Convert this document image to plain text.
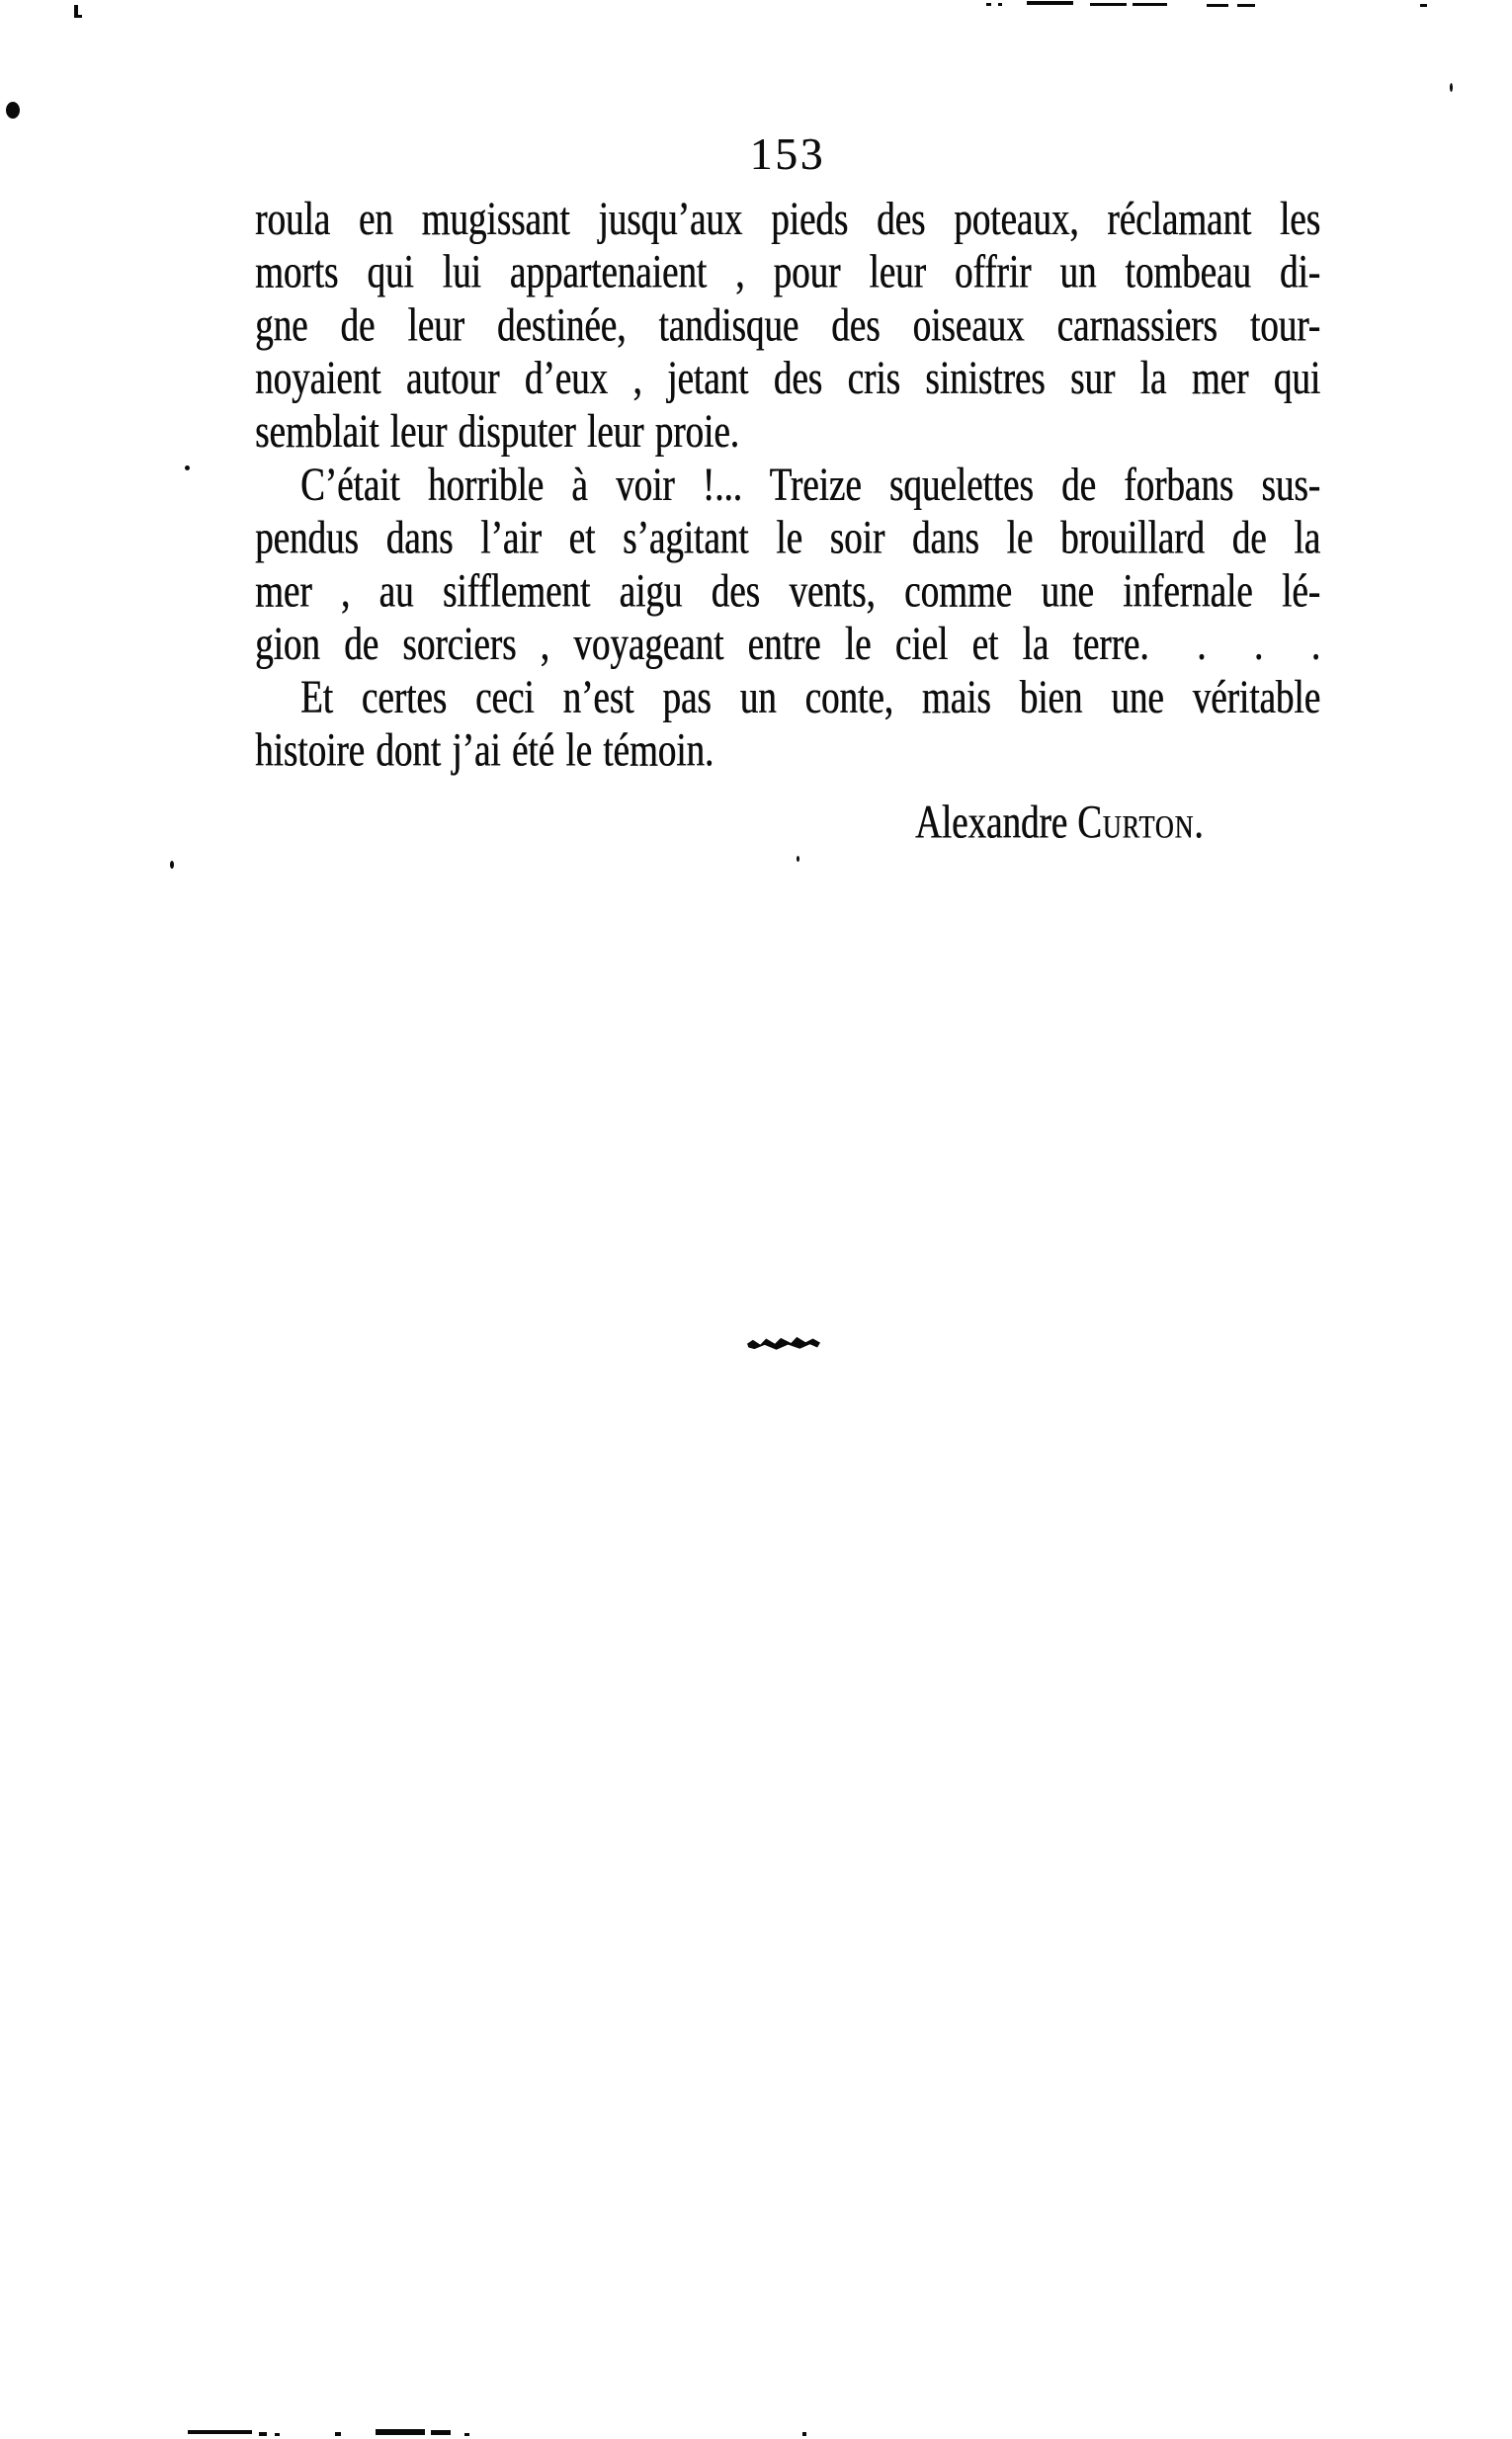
153
roula en mugissant jusqu’aux pieds des poteaux, réclamant les
morts qui lui appartenaient , pour leur offrir un tombeau di-
gne de leur destinée, tandisque des oiseaux carnassiers tour-
noyaient autour d’eux , jetant des cris sinistres sur la mer qui
semblait leur disputer leur proie.
C’était horrible à voir !... Treize squelettes de forbans sus-
pendus dans l’air et s’agitant le soir dans le brouillard de la
mer , au sifflement aigu des vents, comme une infernale lé-
gion de sorciers , voyageant entre le ciel et la terre.  .  .  .
Et certes ceci n’est pas un conte, mais bien une véritable
histoire dont j’ai été le témoin.
Alexandre Curton.
